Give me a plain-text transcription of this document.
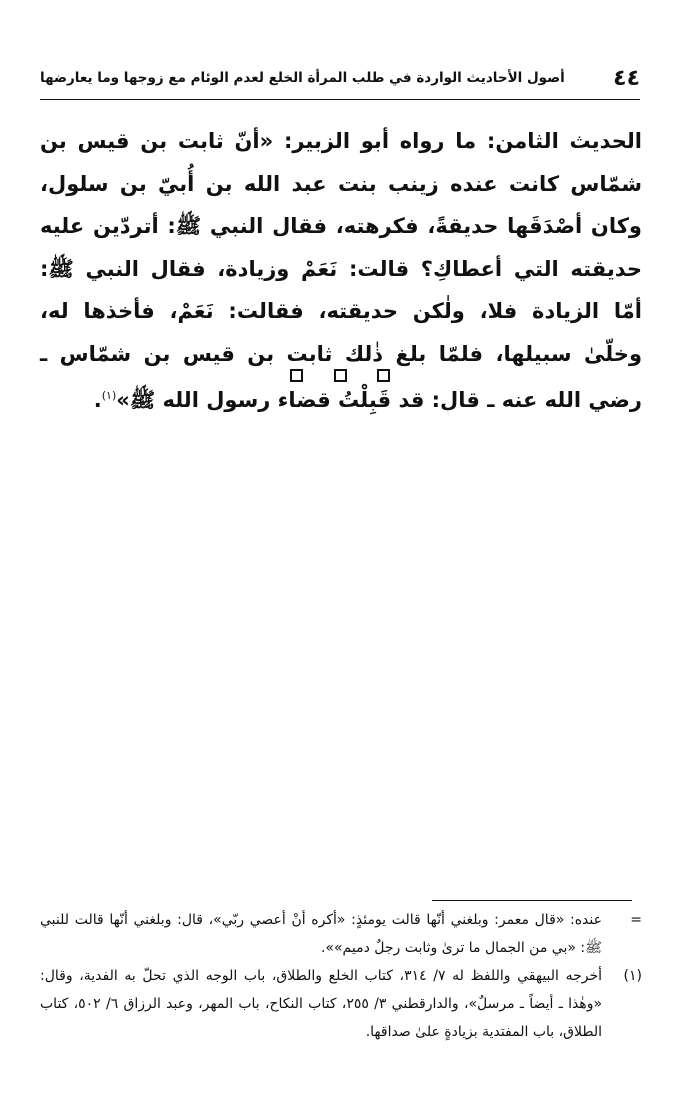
٤٤
أصول الأحاديث الواردة في طلب المرأة الخلع لعدم الوئام مع زوجها وما يعارضها

الحديث الثامن: ما رواه أبو الزبير: «أنّ ثابت بن قيس بن شمّاس كانت عنده زينب بنت عبد الله بن أُبيّ بن سلول، وكان أصْدَقَها حديقةً، فكرهته، فقال النبي ﷺ: أتردّين عليه حديقته التي أعطاكِ؟ قالت: نَعَمْ وزيادة، فقال النبي ﷺ: أمّا الزيادة فلا، ولٰكن حديقته، فقالت: نَعَمْ، فأخذها له، وخلّىٰ سبيلها، فلمّا بلغ ذٰلك ثابت بن قيس بن شمّاس ـ رضي الله عنه ـ قال: قد قَبِلْتُ قضاء رسول الله ﷺ»$^{(١)}$.

=
عنده: «قال معمر: وبلغني أنّها قالت يومئذٍ: «أكره أنْ أعصي ربّي»، قال: وبلغني أنّها قالت للنبي ﷺ: «بي من الجمال ما ترىٰ وثابت رجلٌ دميم»».
(١)
أخرجه البيهقي واللفظ له ٧/ ٣١٤، كتاب الخلع والطلاق، باب الوجه الذي تحلّ به الفدية، وقال: «وهٰذا ـ أيضاً ـ مرسلٌ»، والدارقطني ٣/ ٢٥٥، كتاب النكاح، باب المهر، وعبد الرزاق ٦/ ٥٠٢، كتاب الطلاق، باب المفتدية بزيادةٍ علىٰ صداقها.
